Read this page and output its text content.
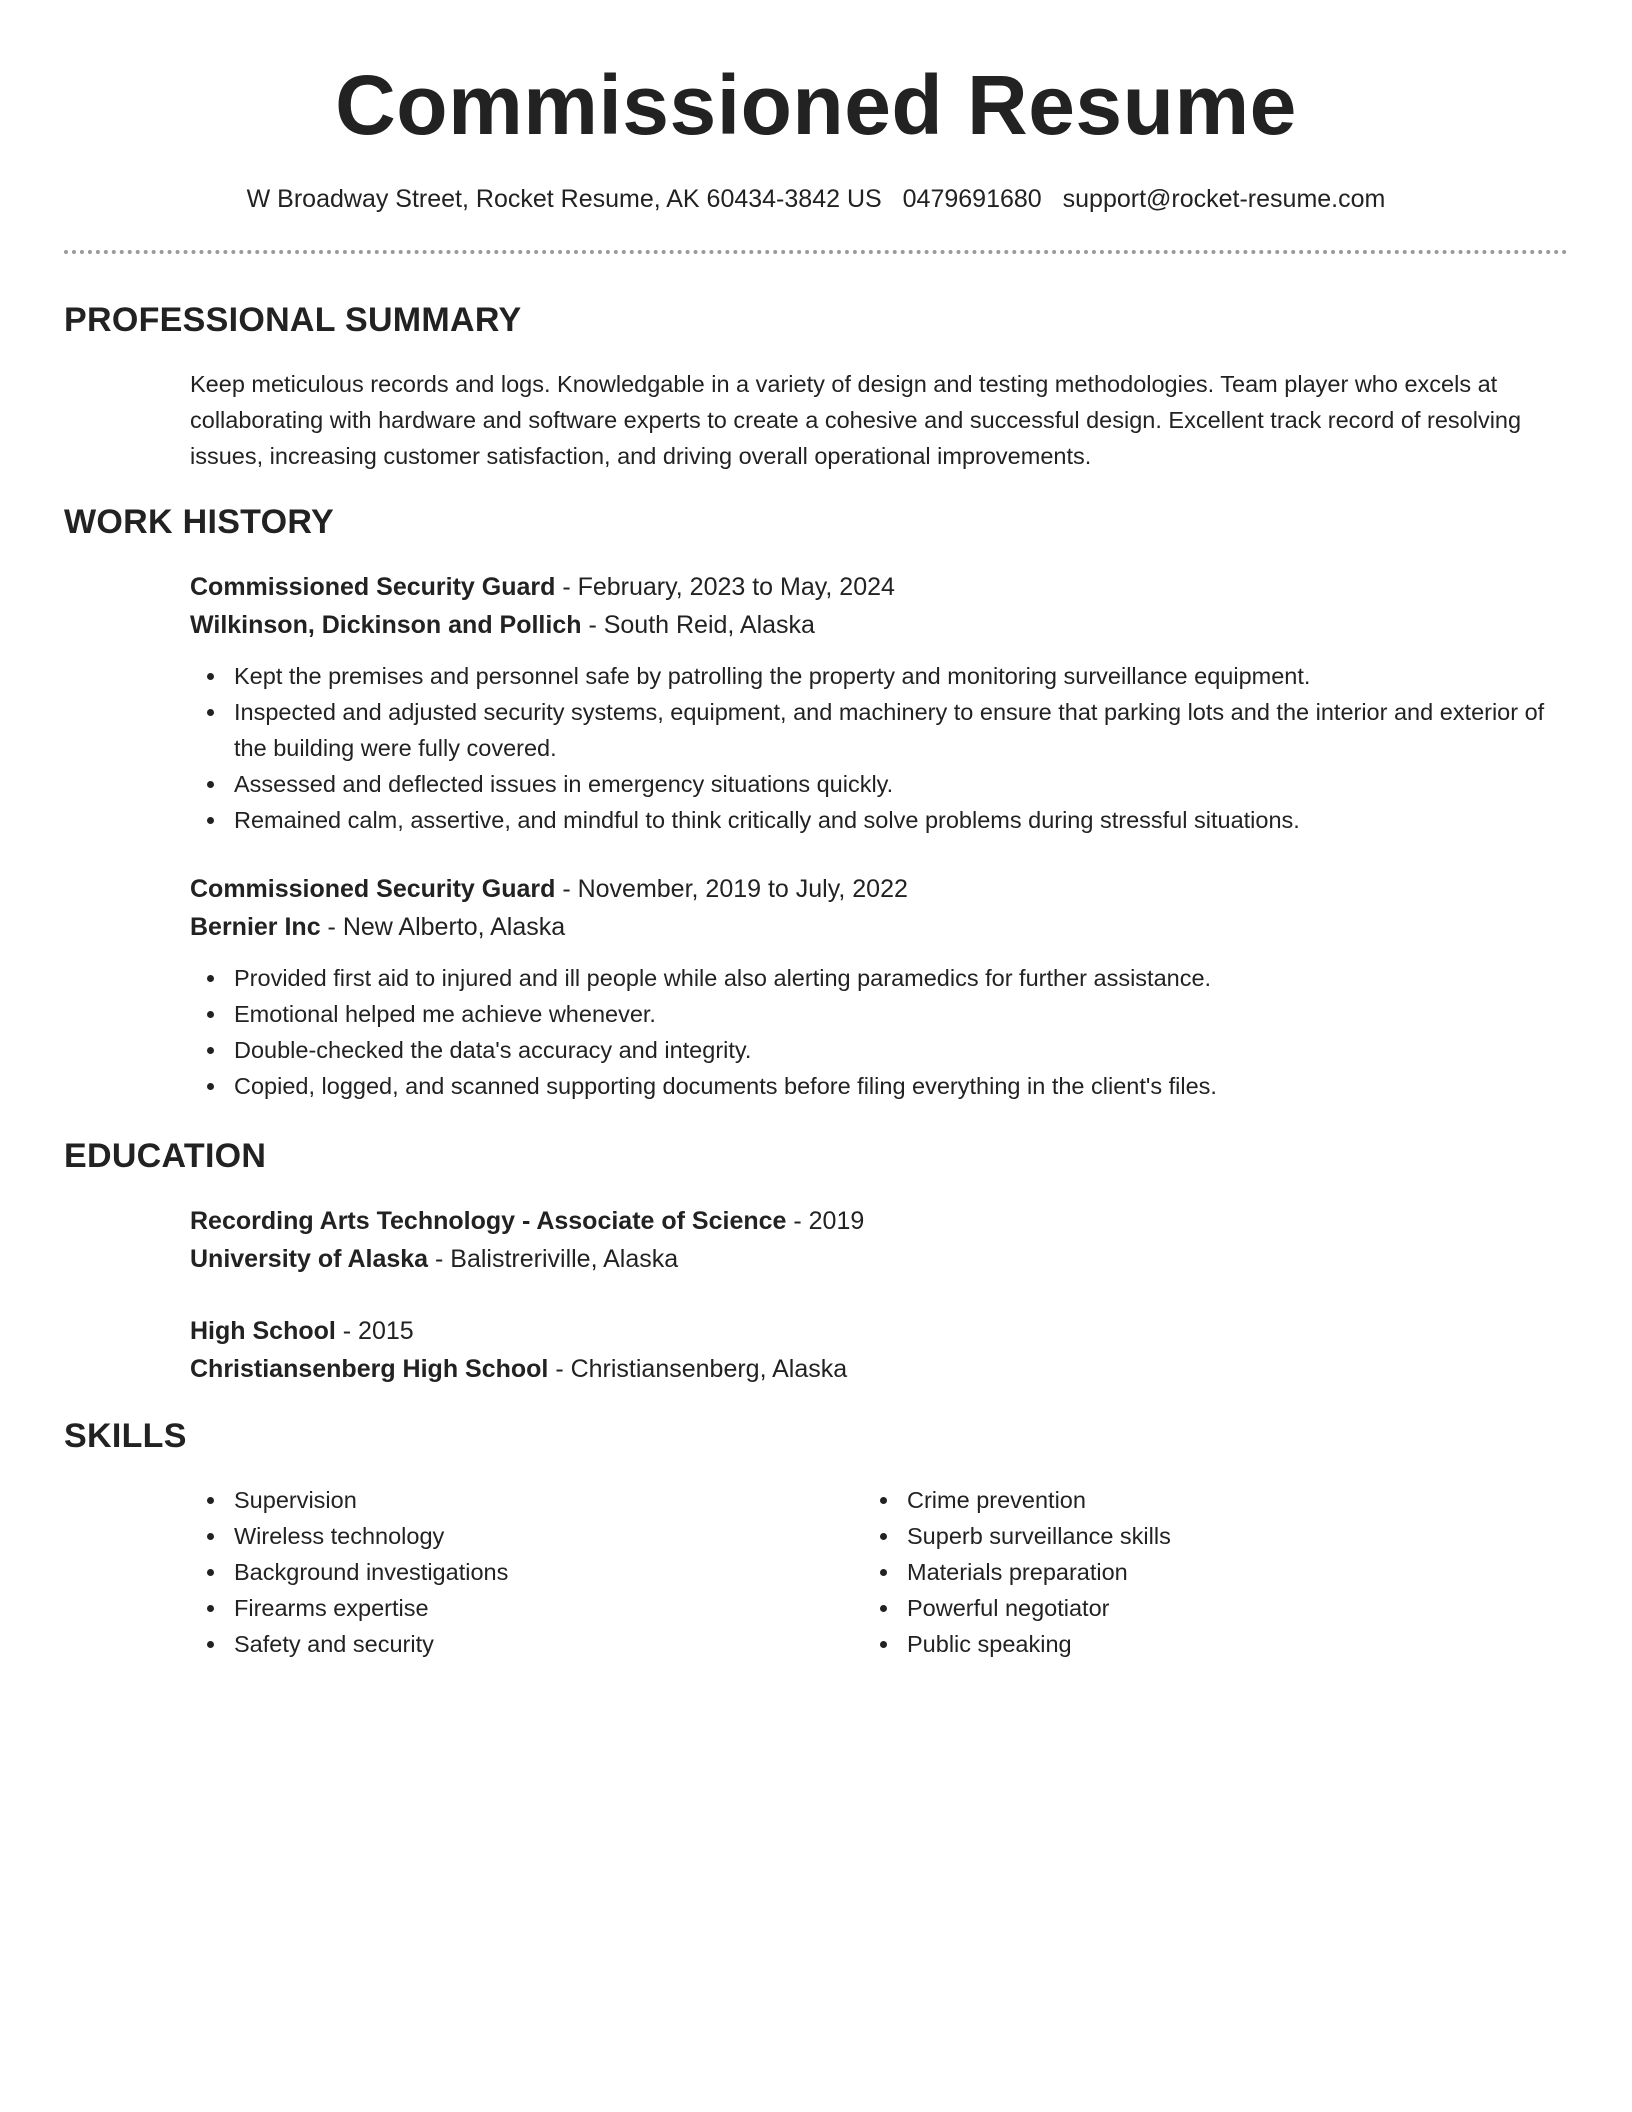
Commissioned Resume
W Broadway Street, Rocket Resume, AK 60434-3842 US 0479691680 support@rocket-resume.com
PROFESSIONAL SUMMARY

Keep meticulous records and logs. Knowledgable in a variety of design and testing methodologies. Team player who excels at collaborating with hardware and software experts to create a cohesive and successful design. Excellent track record of resolving issues, increasing customer satisfaction, and driving overall operational improvements.

WORK HISTORY
Commissioned Security Guard - February, 2023 to May, 2024
Wilkinson, Dickinson and Pollich - South Reid, Alaska
Kept the premises and personnel safe by patrolling the property and monitoring surveillance equipment.
Inspected and adjusted security systems, equipment, and machinery to ensure that parking lots and the interior and exterior of the building were fully covered.
Assessed and deflected issues in emergency situations quickly.
Remained calm, assertive, and mindful to think critically and solve problems during stressful situations.
Commissioned Security Guard - November, 2019 to July, 2022
Bernier Inc - New Alberto, Alaska
Provided first aid to injured and ill people while also alerting paramedics for further assistance.
Emotional helped me achieve whenever.
Double-checked the data's accuracy and integrity.
Copied, logged, and scanned supporting documents before filing everything in the client's files.
EDUCATION
Recording Arts Technology - Associate of Science - 2019
University of Alaska - Balistreriville, Alaska
High School - 2015
Christiansenberg High School - Christiansenberg, Alaska
SKILLS
Supervision
Wireless technology
Background investigations
Firearms expertise
Safety and security
Crime prevention
Superb surveillance skills
Materials preparation
Powerful negotiator
Public speaking
